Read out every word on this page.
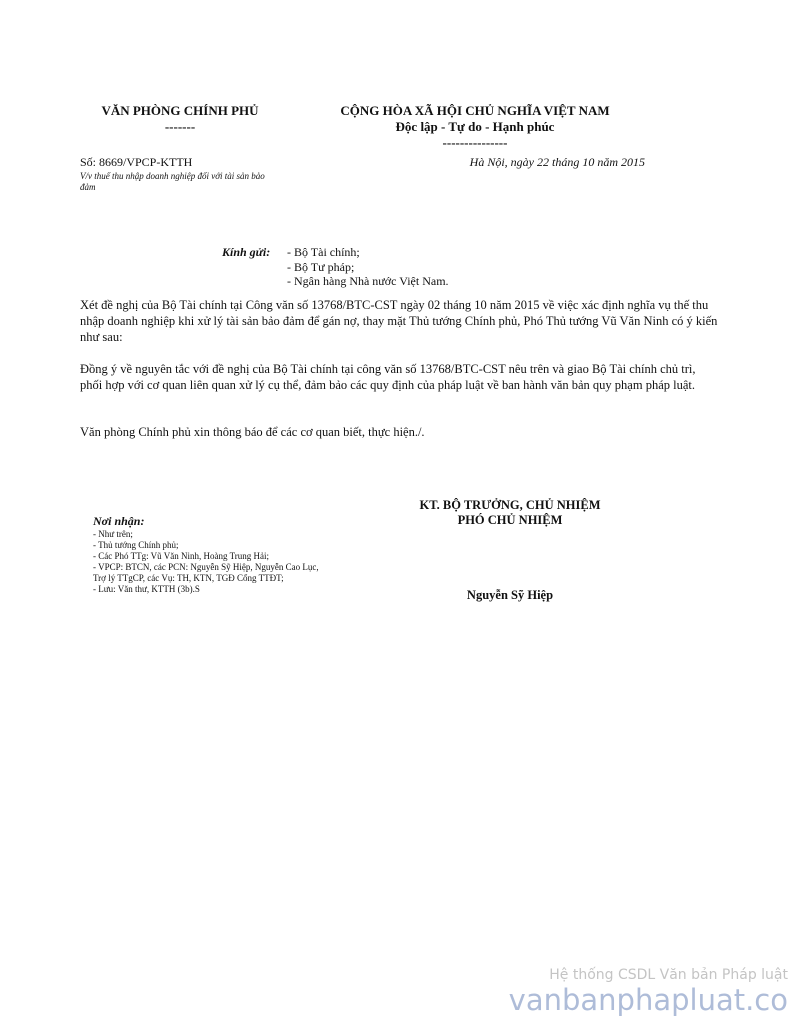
VĂN PHÒNG CHÍNH PHỦ
-------
CỘNG HÒA XÃ HỘI CHỦ NGHĨA VIỆT NAM
Độc lập - Tự do - Hạnh phúc
---------------
Số: 8669/VPCP-KTTH
V/v thuế thu nhập doanh nghiệp đối với tài sản bảo đảm
Hà Nội, ngày 22 tháng 10 năm 2015
Kính gửi: - Bộ Tài chính;
- Bộ Tư pháp;
- Ngân hàng Nhà nước Việt Nam.
Xét đề nghị của Bộ Tài chính tại Công văn số 13768/BTC-CST ngày 02 tháng 10 năm 2015 về việc xác định nghĩa vụ thế thu nhập doanh nghiệp khi xử lý tài sản bảo đảm để gán nợ, thay mặt Thủ tướng Chính phủ, Phó Thủ tướng Vũ Văn Ninh có ý kiến như sau:
Đồng ý về nguyên tắc với đề nghị của Bộ Tài chính tại công văn số 13768/BTC-CST nêu trên và giao Bộ Tài chính chủ trì, phối hợp với cơ quan liên quan xử lý cụ thể, đảm bảo các quy định của pháp luật về ban hành văn bản quy phạm pháp luật.
Văn phòng Chính phủ xin thông báo để các cơ quan biết, thực hiện./.
KT. BỘ TRƯỞNG, CHỦ NHIỆM
PHÓ CHỦ NHIỆM
Nguyễn Sỹ Hiệp
Nơi nhận:
- Như trên;
- Thủ tướng Chính phủ;
- Các Phó TTg: Vũ Văn Ninh, Hoàng Trung Hải;
- VPCP: BTCN, các PCN: Nguyễn Sỹ Hiệp, Nguyễn Cao Lục,
Trợ lý TTgCP, các Vụ: TH, KTN, TGĐ Cổng TTĐT;
- Lưu: Văn thư, KTTH (3b).S
Hệ thống CSDL Văn bản Pháp luật
vanbanphapluat.co
